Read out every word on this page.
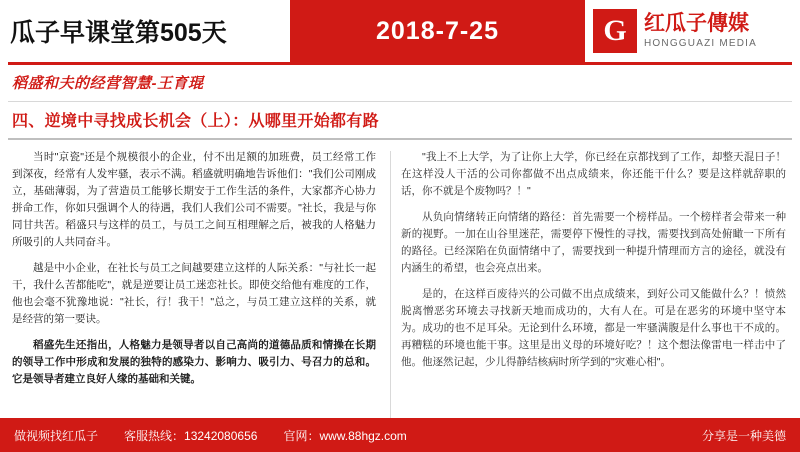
瓜子早课堂第505天	2018-7-25	G 红瓜子傳媒
HONGGUAZI MEDIA
稻盛和夫的经营智慧-王育琨
四、逆境中寻找成长机会（上）：从哪里开始都有路

当时"京瓷"还是个规模很小的企业，付不出足额的加班费，员工经常工作到深夜，经常有人发牢骚，表示不满。稻盛就明确地告诉他们："我们公司刚成立，基础薄弱，为了营造员工能够长期安于工作生活的条件，大家都齐心协力拼命工作，你如只强调个人的待遇，我们人我们公司不需要。"社长，我是与你同甘共苦。稻盛只与这样的员工，与员工之间互相理解之后，被我的人格魅力所吸引的人共同奋斗。

越是中小企业，在社长与员工之间越要建立这样的人际关系："与社长一起干，我什么苦都能吃"，就是逆要让员工迷恋社长。即使交给他有难度的工作，他也会毫不犹豫地说："社长，行！我干！"总之，与员工建立这样的关系，就是经营的第一要诀。

稻盛先生还指出，人格魅力是领导者以自己高尚的道德品质和情操在长期的领导工作中形成和发展的独特的感染力、影响力、吸引力、号召力的总和。它是领导者建立良好人缘的基础和关键。

"我上不上大学，为了让你上大学，你已经在京都找到了工作，却整天混日子！在这样没人干活的公司你都做不出点成绩来，你还能干什么？要是这样就辞职的话，你不就是个废物吗？！"

从负向情绪转正向情绪的路径：首先需要一个榜样品。一个榜样者会带来一种新的视野。一加在山谷里迷茫，需要停下慢性的寻找，需要找到高处俯瞰一下所有的路径。已经深陷在负面情绪中了，需要找到一种提升情理而方言的途径，就没有内涵生的希望，也会亮点出来。

是的，在这样百废待兴的公司做不出点成绩来，到好公司又能做什么？！愤然脱离憎恶劣环境去寻找新天地而成功的，大有人在。可是在恶劣的环境中坚守本为。成功的也不足耳朵。无论到什么环境，都是一牢骚满腹是什么事也干不成的。再糟糕的环境也能干事。这里是出义母的环境好吃？！这个想法像雷电一样击中了他。他逐然记起，少儿得静结核病时所学到的"灾难心相"。

做视频找红瓜子 客服热线：13242080656 官网：www.88hgz.com	分享是一种美德
